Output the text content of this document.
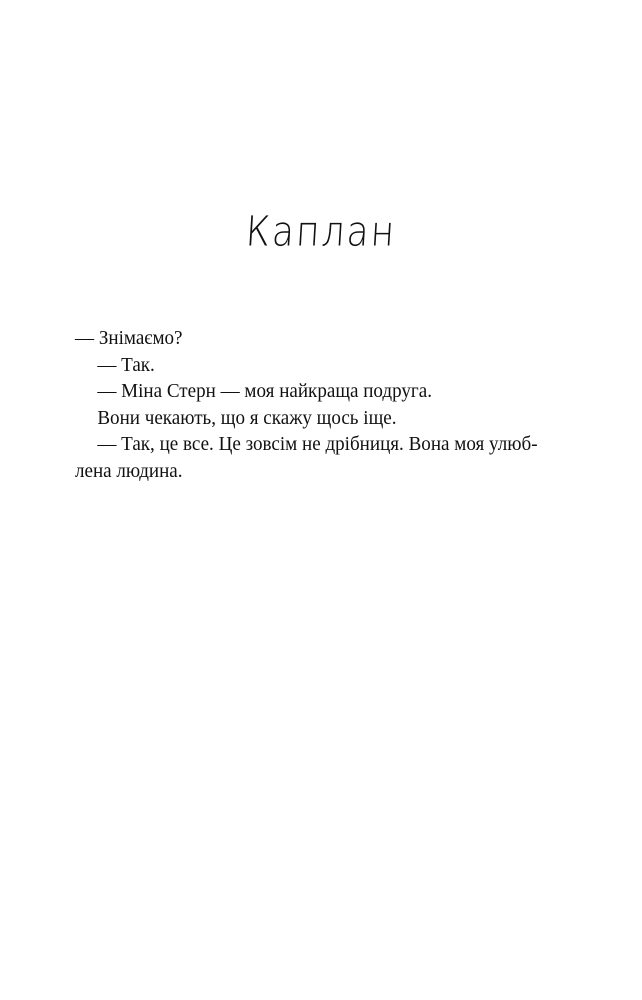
Каплан

— Знімаємо?

— Так.

— Міна Стерн — моя найкраща подруга.

Вони чекають, що я скажу щось іще.

— Так, це все. Це зовсім не дрібниця. Вона моя улюб-

лена людина.
